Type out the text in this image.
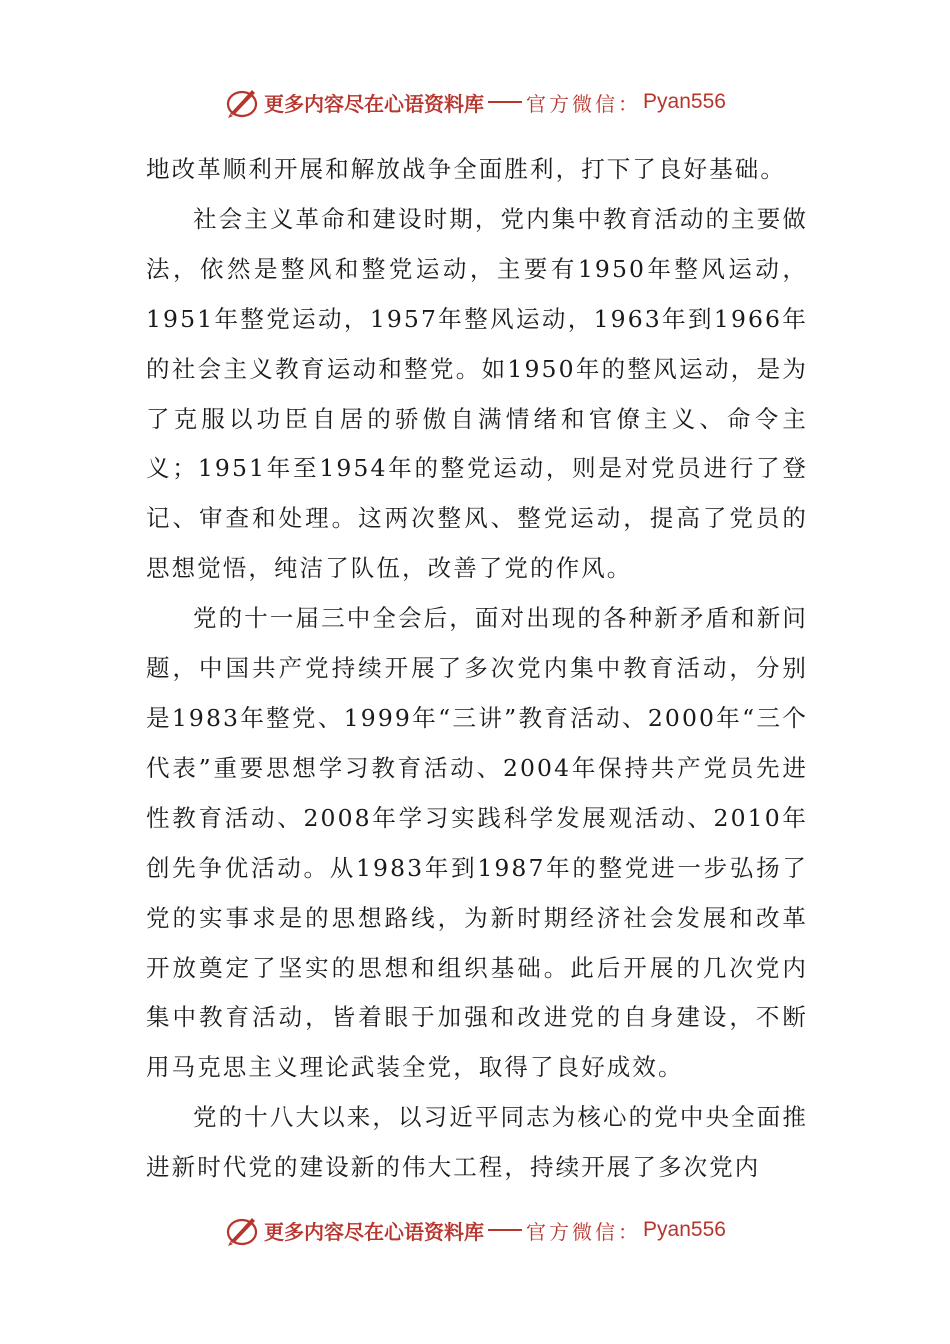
更多内容尽在心语资料库 官方微信： Pyan556

地改革顺利开展和解放战争全面胜利，打下了良好基础。

社会主义革命和建设时期，党内集中教育活动的主要做法，依然是整风和整党运动，主要有1950年整风运动，1951年整党运动，1957年整风运动，1963年到1966年的社会主义教育运动和整党。如1950年的整风运动，是为了克服以功臣自居的骄傲自满情绪和官僚主义、命令主义；1951年至1954年的整党运动，则是对党员进行了登记、审查和处理。这两次整风、整党运动，提高了党员的思想觉悟，纯洁了队伍，改善了党的作风。

党的十一届三中全会后，面对出现的各种新矛盾和新问题，中国共产党持续开展了多次党内集中教育活动，分别是1983年整党、1999年“三讲”教育活动、2000年“三个代表”重要思想学习教育活动、2004年保持共产党员先进性教育活动、2008年学习实践科学发展观活动、2010年创先争优活动。从1983年到1987年的整党进一步弘扬了党的实事求是的思想路线，为新时期经济社会发展和改革开放奠定了坚实的思想和组织基础。此后开展的几次党内集中教育活动，皆着眼于加强和改进党的自身建设，不断用马克思主义理论武装全党，取得了良好成效。

党的十八大以来，以习近平同志为核心的党中央全面推进新时代党的建设新的伟大工程，持续开展了多次党内

更多内容尽在心语资料库 官方微信： Pyan556
